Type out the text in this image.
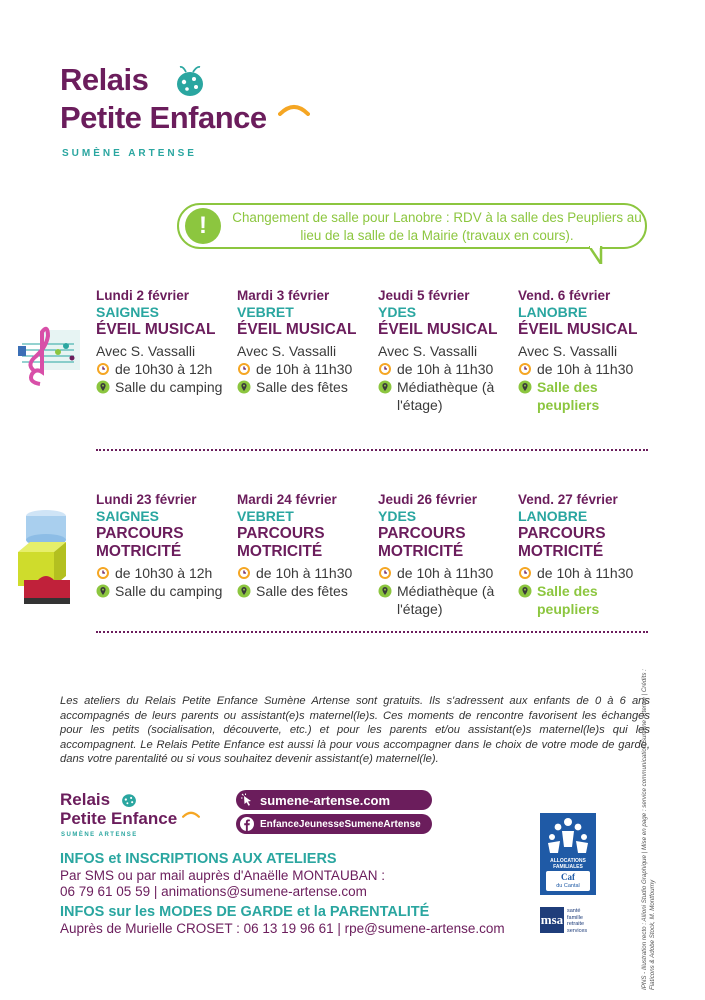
Relais
Petite Enfance
SUMÈNE ARTENSE
!	Changement de salle pour Lanobre : RDV à la salle des Peupliers au lieu de la salle de la Mairie (travaux en cours).
Lundi 2 février
SAIGNES
ÉVEIL MUSICAL
Avec S. Vassalli
de 10h30 à 12h
Salle du camping
Mardi 3 février
VEBRET
ÉVEIL MUSICAL
Avec S. Vassalli
de 10h à 11h30
Salle des fêtes
Jeudi 5 février
YDES
ÉVEIL MUSICAL
Avec S. Vassalli
de 10h à 11h30
Médiathèque (à l'étage)
Vend. 6 février
LANOBRE
ÉVEIL MUSICAL
Avec S. Vassalli
de 10h à 11h30
Salle des peupliers
Lundi 23 février
SAIGNES
PARCOURS MOTRICITÉ
de 10h30 à 12h
Salle du camping
Mardi 24 février
VEBRET
PARCOURS MOTRICITÉ
de 10h à 11h30
Salle des fêtes
Jeudi 26 février
YDES
PARCOURS MOTRICITÉ
de 10h à 11h30
Médiathèque (à l'étage)
Vend. 27 février
LANOBRE
PARCOURS MOTRICITÉ
de 10h à 11h30
Salle des peupliers
Les ateliers du Relais Petite Enfance Sumène Artense sont gratuits. Ils s'adressent aux enfants de 0 à 6 ans accompagnés de leurs parents ou assistant(e)s maternel(le)s. Ces moments de rencontre favorisent les échanges pour les petits (socialisation, découverte, etc.) et pour les parents et/ou assistant(e)s maternel(le)s qui les accompagnent. Le Relais Petite Enfance est aussi là pour vous accompagner dans le choix de votre mode de garde, dans votre parentalité ou si vous souhaitez devenir assistant(e) maternel(le).
Relais
Petite Enfance
SUMÈNE ARTENSE
sumene-artense.com
EnfanceJeunesseSumeneArtense
INFOS et INSCRIPTIONS AUX ATELIERS
Par SMS ou par mail auprès d'Anaëlle MONTAUBAN :
06 79 61 05 59 | animations@sumene-artense.com
INFOS sur les MODES DE GARDE et la PARENTALITÉ
Auprès de Murielle CROSET : 06 13 19 96 61 | rpe@sumene-artense.com
ALLOCATIONS FAMILIALES
Caf
du Cantal
msa
santé famille retraite services	IPNS - Illustration recto : Allioni Studio Graphique | Mise en page : service communication Sumène Artense | Crédits : Flaticons & Adobe Stock, M. Montfourny
